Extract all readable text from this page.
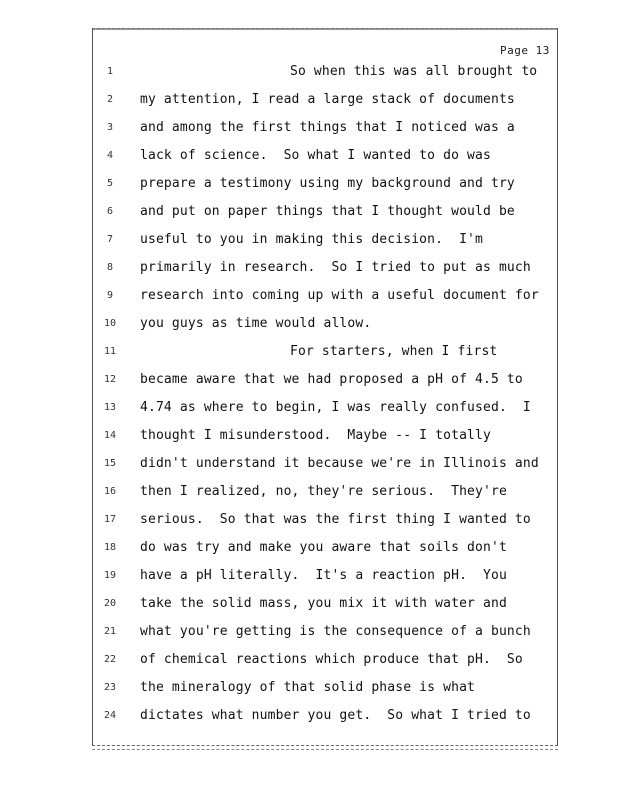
Page 13
1	So when this was all brought to
2	my attention, I read a large stack of documents
3	and among the first things that I noticed was a
4	lack of science.  So what I wanted to do was
5	prepare a testimony using my background and try
6	and put on paper things that I thought would be
7	useful to you in making this decision.  I'm
8	primarily in research.  So I tried to put as much
9	research into coming up with a useful document for
10	you guys as time would allow.
11	For starters, when I first
12	became aware that we had proposed a pH of 4.5 to
13	4.74 as where to begin, I was really confused.  I
14	thought I misunderstood.  Maybe -- I totally
15	didn't understand it because we're in Illinois and
16	then I realized, no, they're serious.  They're
17	serious.  So that was the first thing I wanted to
18	do was try and make you aware that soils don't
19	have a pH literally.  It's a reaction pH.  You
20	take the solid mass, you mix it with water and
21	what you're getting is the consequence of a bunch
22	of chemical reactions which produce that pH.  So
23	the mineralogy of that solid phase is what
24	dictates what number you get.  So what I tried to
